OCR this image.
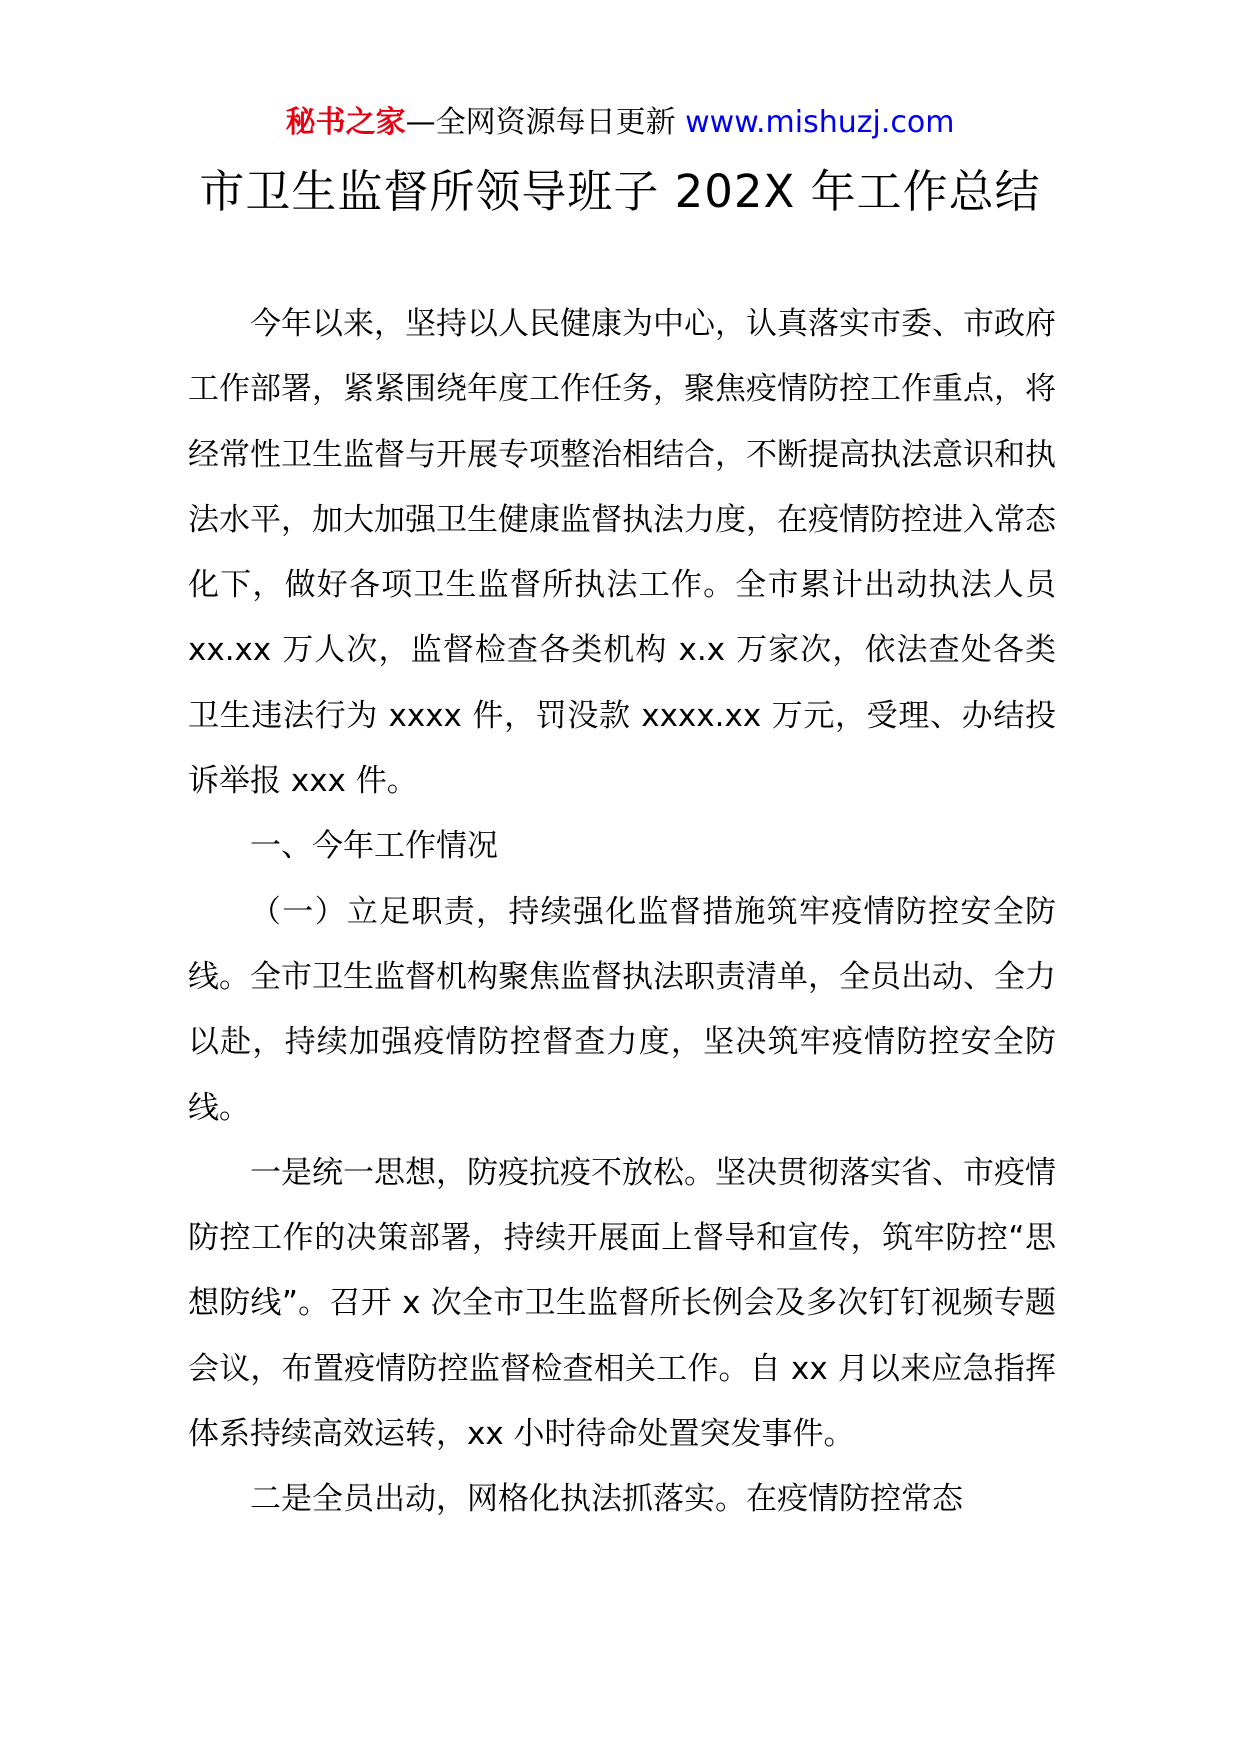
秘书之家—全网资源每日更新 www.mishuzj.com
市卫生监督所领导班子 202X 年工作总结

今年以来，坚持以人民健康为中心，认真落实市委、市政府工作部署，紧紧围绕年度工作任务，聚焦疫情防控工作重点，将经常性卫生监督与开展专项整治相结合，不断提高执法意识和执法水平，加大加强卫生健康监督执法力度，在疫情防控进入常态化下，做好各项卫生监督所执法工作。全市累计出动执法人员 xx.xx 万人次，监督检查各类机构 x.x 万家次，依法查处各类卫生违法行为 xxxx 件，罚没款 xxxx.xx 万元，受理、办结投诉举报 xxx 件。

一、今年工作情况

（一）立足职责，持续强化监督措施筑牢疫情防控安全防线。全市卫生监督机构聚焦监督执法职责清单，全员出动、全力以赴，持续加强疫情防控督查力度，坚决筑牢疫情防控安全防线。

一是统一思想，防疫抗疫不放松。坚决贯彻落实省、市疫情防控工作的决策部署，持续开展面上督导和宣传，筑牢防控“思想防线”。召开 x 次全市卫生监督所长例会及多次钉钉视频专题会议，布置疫情防控监督检查相关工作。自 xx 月以来应急指挥体系持续高效运转，xx 小时待命处置突发事件。

二是全员出动，网格化执法抓落实。在疫情防控常态
